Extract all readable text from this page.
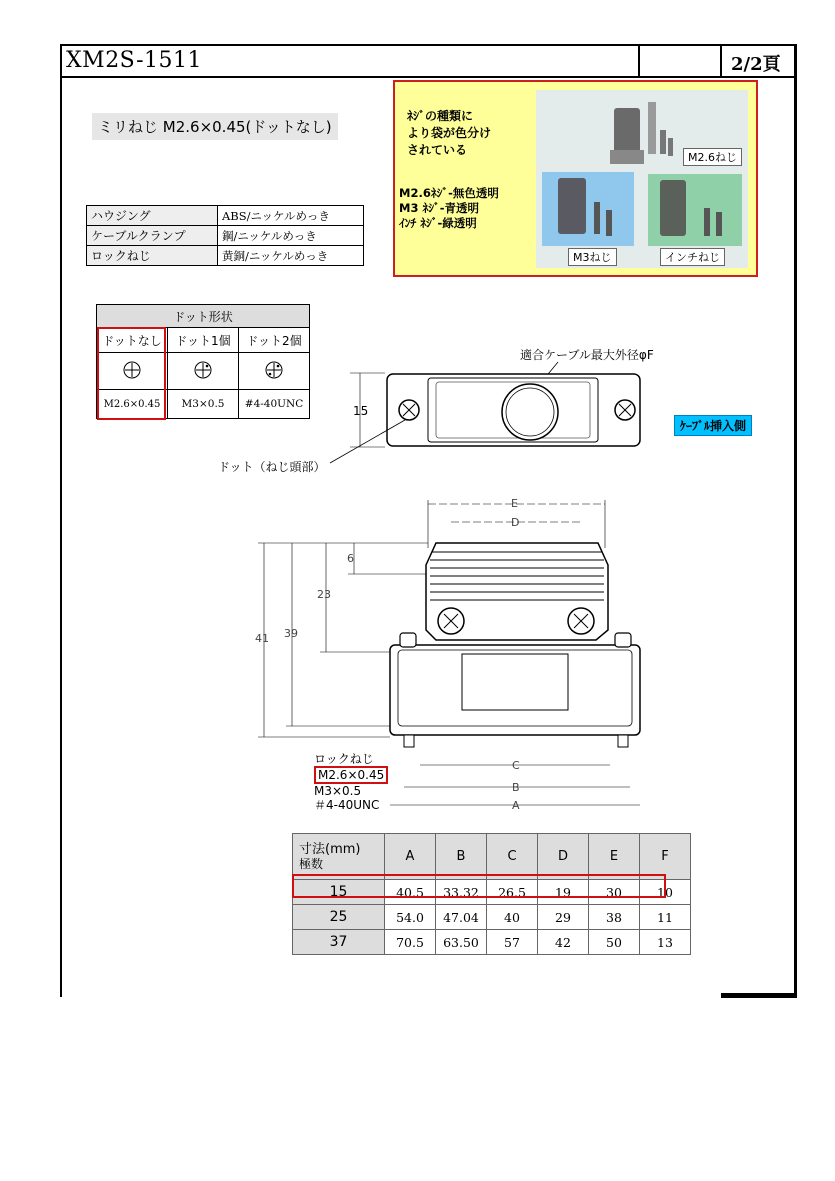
XM2S-1511	2/2頁
ミリねじ M2.6×0.45(ドットなし)
ハウジング	ABS/ニッケルめっき
ケーブルクランプ	鋼/ニッケルめっき
ロックねじ	黄銅/ニッケルめっき
ﾈｼﾞの種類に
より袋が色分け
されている
M2.6ﾈｼﾞ-無色透明
M3 ﾈｼﾞ-青透明
ｲﾝﾁ ﾈｼﾞ-緑透明
M2.6ねじ
M3ねじ	インチねじ
ドット形状		
ドットなし	ドット1個	ドット2個

M2.6×0.45	M3×0.5	#4-40UNC
適合ケーブル最大外径φF
15
ドット（ねじ頭部）
ｹｰﾌﾞﾙ挿入側
E
D
41 39
23
6
C
B
A
ロックねじ
M2.6×0.45
M3×0.5
＃4-40UNC
寸法(mm)
極数	A	B	C	D	E	F
15	40.5	33.32	26.5	19	30	10
25	54.0	47.04	40	29	38	11
37	70.5	63.50	57	42	50	13
